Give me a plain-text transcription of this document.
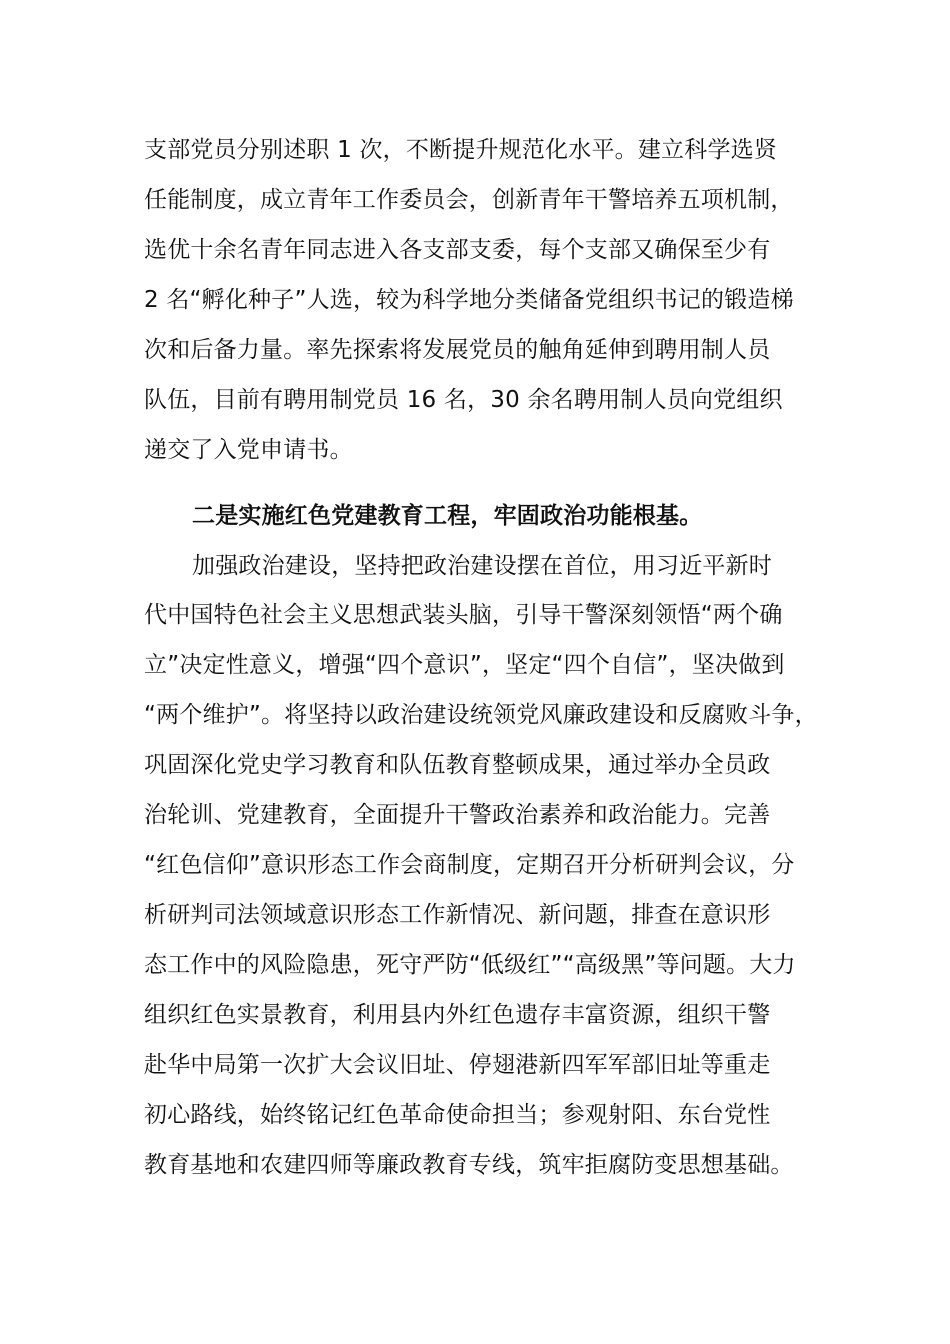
支部党员分别述职 1 次，不断提升规范化水平。建立科学选贤
任能制度，成立青年工作委员会，创新青年干警培养五项机制，
选优十余名青年同志进入各支部支委，每个支部又确保至少有
2 名“孵化种子”人选，较为科学地分类储备党组织书记的锻造梯
次和后备力量。率先探索将发展党员的触角延伸到聘用制人员
队伍，目前有聘用制党员 16 名，30 余名聘用制人员向党组织
递交了入党申请书。
二是实施红色党建教育工程，牢固政治功能根基。
加强政治建设，坚持把政治建设摆在首位，用习近平新时
代中国特色社会主义思想武装头脑，引导干警深刻领悟“两个确
立”决定性意义，增强“四个意识”，坚定“四个自信”，坚决做到
“两个维护”。将坚持以政治建设统领党风廉政建设和反腐败斗争，
巩固深化党史学习教育和队伍教育整顿成果，通过举办全员政
治轮训、党建教育，全面提升干警政治素养和政治能力。完善
“红色信仰”意识形态工作会商制度，定期召开分析研判会议，分
析研判司法领域意识形态工作新情况、新问题，排查在意识形
态工作中的风险隐患，死守严防“低级红”“高级黑”等问题。大力
组织红色实景教育，利用县内外红色遗存丰富资源，组织干警
赴华中局第一次扩大会议旧址、停翅港新四军军部旧址等重走
初心路线，始终铭记红色革命使命担当；参观射阳、东台党性
教育基地和农建四师等廉政教育专线，筑牢拒腐防变思想基础。
